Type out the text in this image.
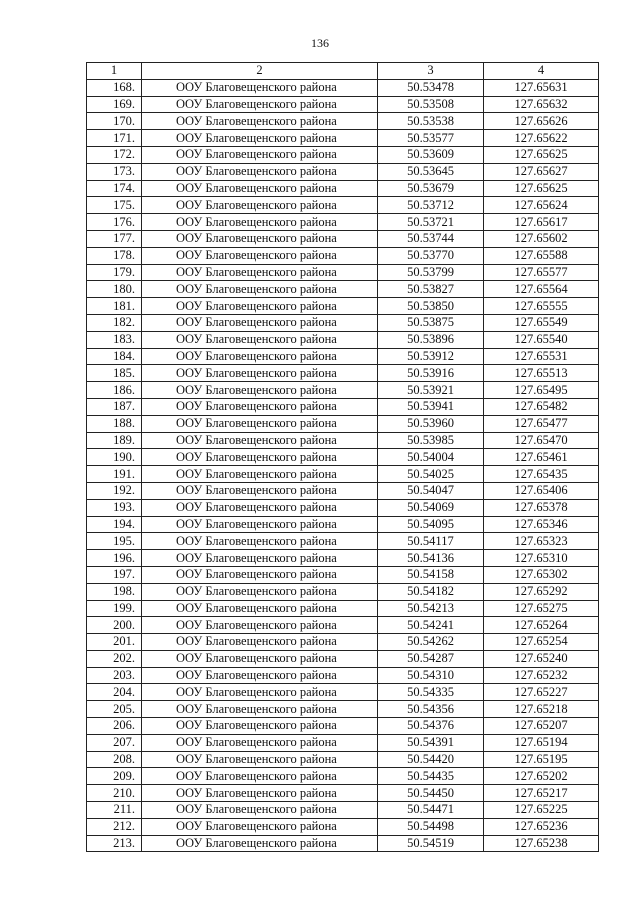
136
1	2	3	4
168.	ООУ Благовещенского района	50.53478	127.65631
169.	ООУ Благовещенского района	50.53508	127.65632
170.	ООУ Благовещенского района	50.53538	127.65626
171.	ООУ Благовещенского района	50.53577	127.65622
172.	ООУ Благовещенского района	50.53609	127.65625
173.	ООУ Благовещенского района	50.53645	127.65627
174.	ООУ Благовещенского района	50.53679	127.65625
175.	ООУ Благовещенского района	50.53712	127.65624
176.	ООУ Благовещенского района	50.53721	127.65617
177.	ООУ Благовещенского района	50.53744	127.65602
178.	ООУ Благовещенского района	50.53770	127.65588
179.	ООУ Благовещенского района	50.53799	127.65577
180.	ООУ Благовещенского района	50.53827	127.65564
181.	ООУ Благовещенского района	50.53850	127.65555
182.	ООУ Благовещенского района	50.53875	127.65549
183.	ООУ Благовещенского района	50.53896	127.65540
184.	ООУ Благовещенского района	50.53912	127.65531
185.	ООУ Благовещенского района	50.53916	127.65513
186.	ООУ Благовещенского района	50.53921	127.65495
187.	ООУ Благовещенского района	50.53941	127.65482
188.	ООУ Благовещенского района	50.53960	127.65477
189.	ООУ Благовещенского района	50.53985	127.65470
190.	ООУ Благовещенского района	50.54004	127.65461
191.	ООУ Благовещенского района	50.54025	127.65435
192.	ООУ Благовещенского района	50.54047	127.65406
193.	ООУ Благовещенского района	50.54069	127.65378
194.	ООУ Благовещенского района	50.54095	127.65346
195.	ООУ Благовещенского района	50.54117	127.65323
196.	ООУ Благовещенского района	50.54136	127.65310
197.	ООУ Благовещенского района	50.54158	127.65302
198.	ООУ Благовещенского района	50.54182	127.65292
199.	ООУ Благовещенского района	50.54213	127.65275
200.	ООУ Благовещенского района	50.54241	127.65264
201.	ООУ Благовещенского района	50.54262	127.65254
202.	ООУ Благовещенского района	50.54287	127.65240
203.	ООУ Благовещенского района	50.54310	127.65232
204.	ООУ Благовещенского района	50.54335	127.65227
205.	ООУ Благовещенского района	50.54356	127.65218
206.	ООУ Благовещенского района	50.54376	127.65207
207.	ООУ Благовещенского района	50.54391	127.65194
208.	ООУ Благовещенского района	50.54420	127.65195
209.	ООУ Благовещенского района	50.54435	127.65202
210.	ООУ Благовещенского района	50.54450	127.65217
211.	ООУ Благовещенского района	50.54471	127.65225
212.	ООУ Благовещенского района	50.54498	127.65236
213.	ООУ Благовещенского района	50.54519	127.65238
